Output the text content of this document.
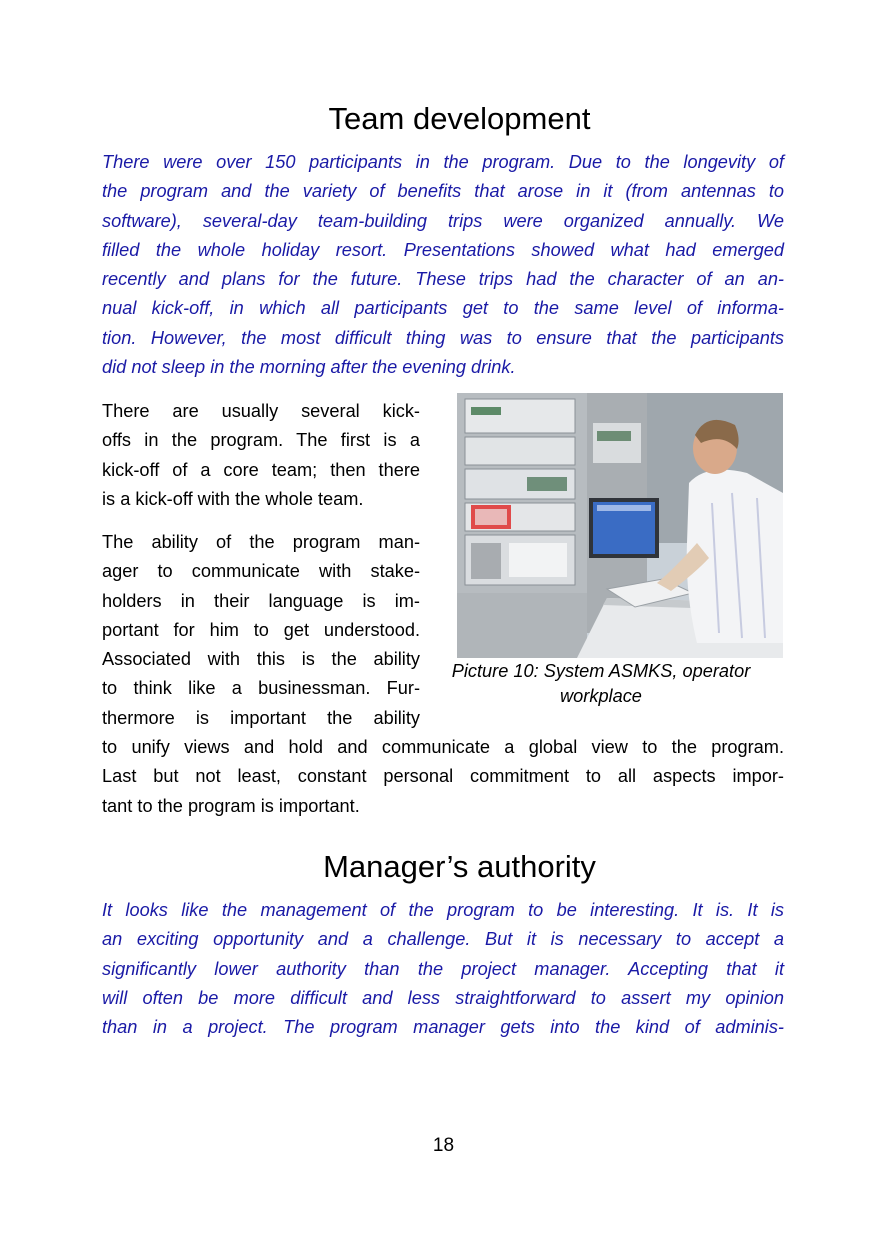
Team development

There were over 150 participants in the program. Due to the longevity of
the program and the variety of benefits that arose in it (from antennas to
software), several-day team-building trips were organized annually. We
filled the whole holiday resort. Presentations showed what had emerged
recently and plans for the future. These trips had the character of an an-
nual kick-off, in which all participants get to the same level of informa-
tion. However, the most difficult thing was to ensure that the participants
did not sleep in the morning after the evening drink.

There are usually several kick-
offs in the program. The first is a
kick-off of a core team; then there
is a kick-off with the whole team.

The ability of the program man-
ager to communicate with stake-
holders in their language is im-
portant for him to get understood.
Associated with this is the ability
to think like a businessman. Fur-
thermore is important the ability

to unify views and hold and communicate a global view to the program.
Last but not least, constant personal commitment to all aspects impor-
tant to the program is important.

Picture 10: System ASMKS, operator
workplace

Manager’s authority

It looks like the management of the program to be interesting. It is. It is
an exciting opportunity and a challenge. But it is necessary to accept a
significantly lower authority than the project manager. Accepting that it
will often be more difficult and less straightforward to assert my opinion
than in a project. The program manager gets into the kind of adminis-

18
